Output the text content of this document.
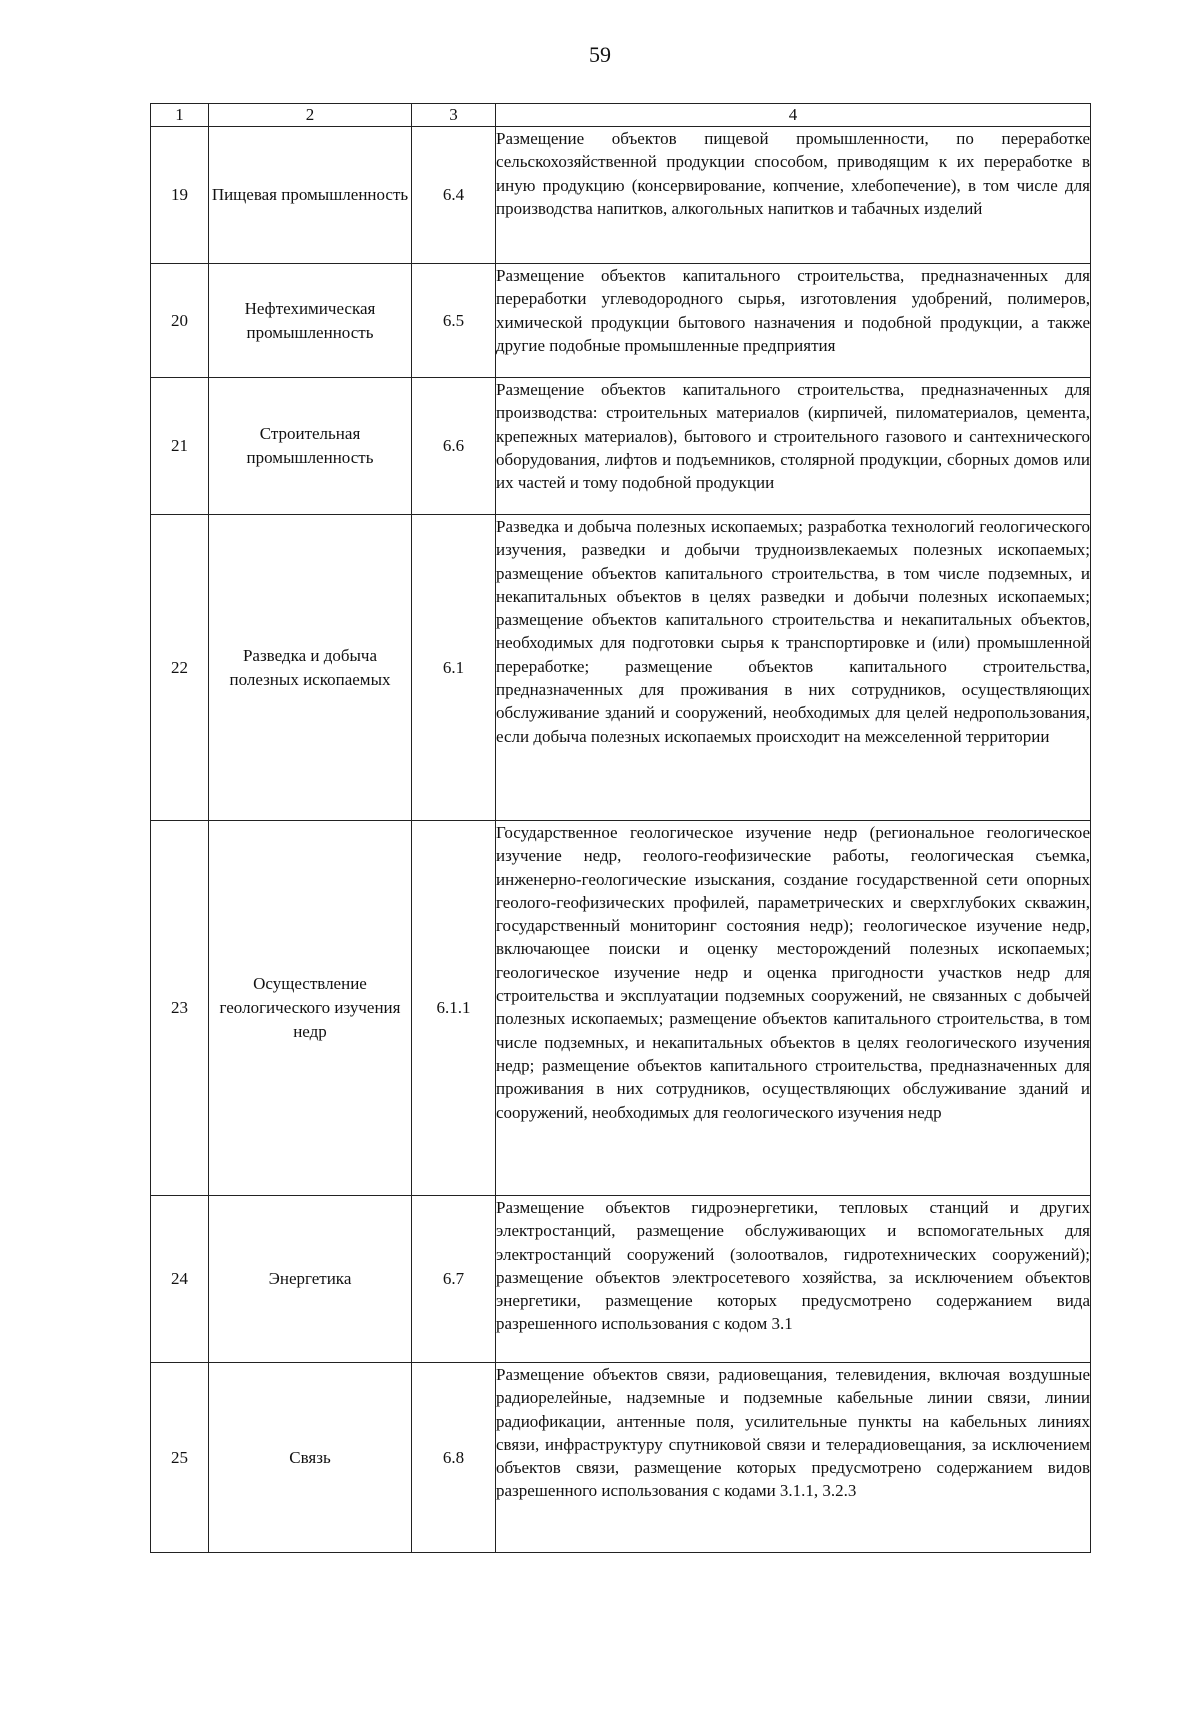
59
1	2	3	4
19	Пищевая промышленность	6.4	Размещение объектов пищевой промышленности, по переработке сельскохозяйственной продукции способом, приводящим к их переработке в иную продукцию (консервирование, копчение, хлебопечение), в том числе для производства напитков, алкогольных напитков и табачных изделий
20	Нефтехимическая промышленность	6.5	Размещение объектов капитального строительства, предназначенных для переработки углеводородного сырья, изготовления удобрений, полимеров, химической продукции бытового назначения и подобной продукции, а также другие подобные промышленные предприятия
21	Строительная промышленность	6.6	Размещение объектов капитального строительства, предназначенных для производства: строительных материалов (кирпичей, пиломатериалов, цемента, крепежных материалов), бытового и строительного газового и сантехнического оборудования, лифтов и подъемников, столярной продукции, сборных домов или их частей и тому подобной продукции
22	Разведка и добыча полезных ископаемых	6.1	Разведка и добыча полезных ископаемых; разработка технологий геологического изучения, разведки и добычи трудноизвлекаемых полезных ископаемых; размещение объектов капитального строительства, в том числе подземных, и некапитальных объектов в целях разведки и добычи полезных ископаемых; размещение объектов капитального строительства и некапитальных объектов, необходимых для подготовки сырья к транспортировке и (или) промышленной переработке; размещение объектов капитального строительства, предназначенных для проживания в них сотрудников, осуществляющих обслуживание зданий и сооружений, необходимых для целей недропользования, если добыча полезных ископаемых происходит на межселенной территории
23	Осуществление геологического изучения недр	6.1.1	Государственное геологическое изучение недр (региональное геологическое изучение недр, геолого-геофизические работы, геологическая съемка, инженерно-геологические изыскания, создание государственной сети опорных геолого-геофизических профилей, параметрических и сверхглубоких скважин, государственный мониторинг состояния недр); геологическое изучение недр, включающее поиски и оценку месторождений полезных ископаемых; геологическое изучение недр и оценка пригодности участков недр для строительства и эксплуатации подземных сооружений, не связанных с добычей полезных ископаемых; размещение объектов капитального строительства, в том числе подземных, и некапитальных объектов в целях геологического изучения недр; размещение объектов капитального строительства, предназначенных для проживания в них сотрудников, осуществляющих обслуживание зданий и сооружений, необходимых для геологического изучения недр
24	Энергетика	6.7	Размещение объектов гидроэнергетики, тепловых станций и других электростанций, размещение обслуживающих и вспомогательных для электростанций сооружений (золоотвалов, гидротехнических сооружений); размещение объектов электросетевого хозяйства, за исключением объектов энергетики, размещение которых предусмотрено содержанием вида разрешенного использования с кодом 3.1
25	Связь	6.8	Размещение объектов связи, радиовещания, телевидения, включая воздушные радиорелейные, надземные и подземные кабельные линии связи, линии радиофикации, антенные поля, усилительные пункты на кабельных линиях связи, инфраструктуру спутниковой связи и телерадиовещания, за исключением объектов связи, размещение которых предусмотрено содержанием видов разрешенного использования с кодами 3.1.1, 3.2.3
